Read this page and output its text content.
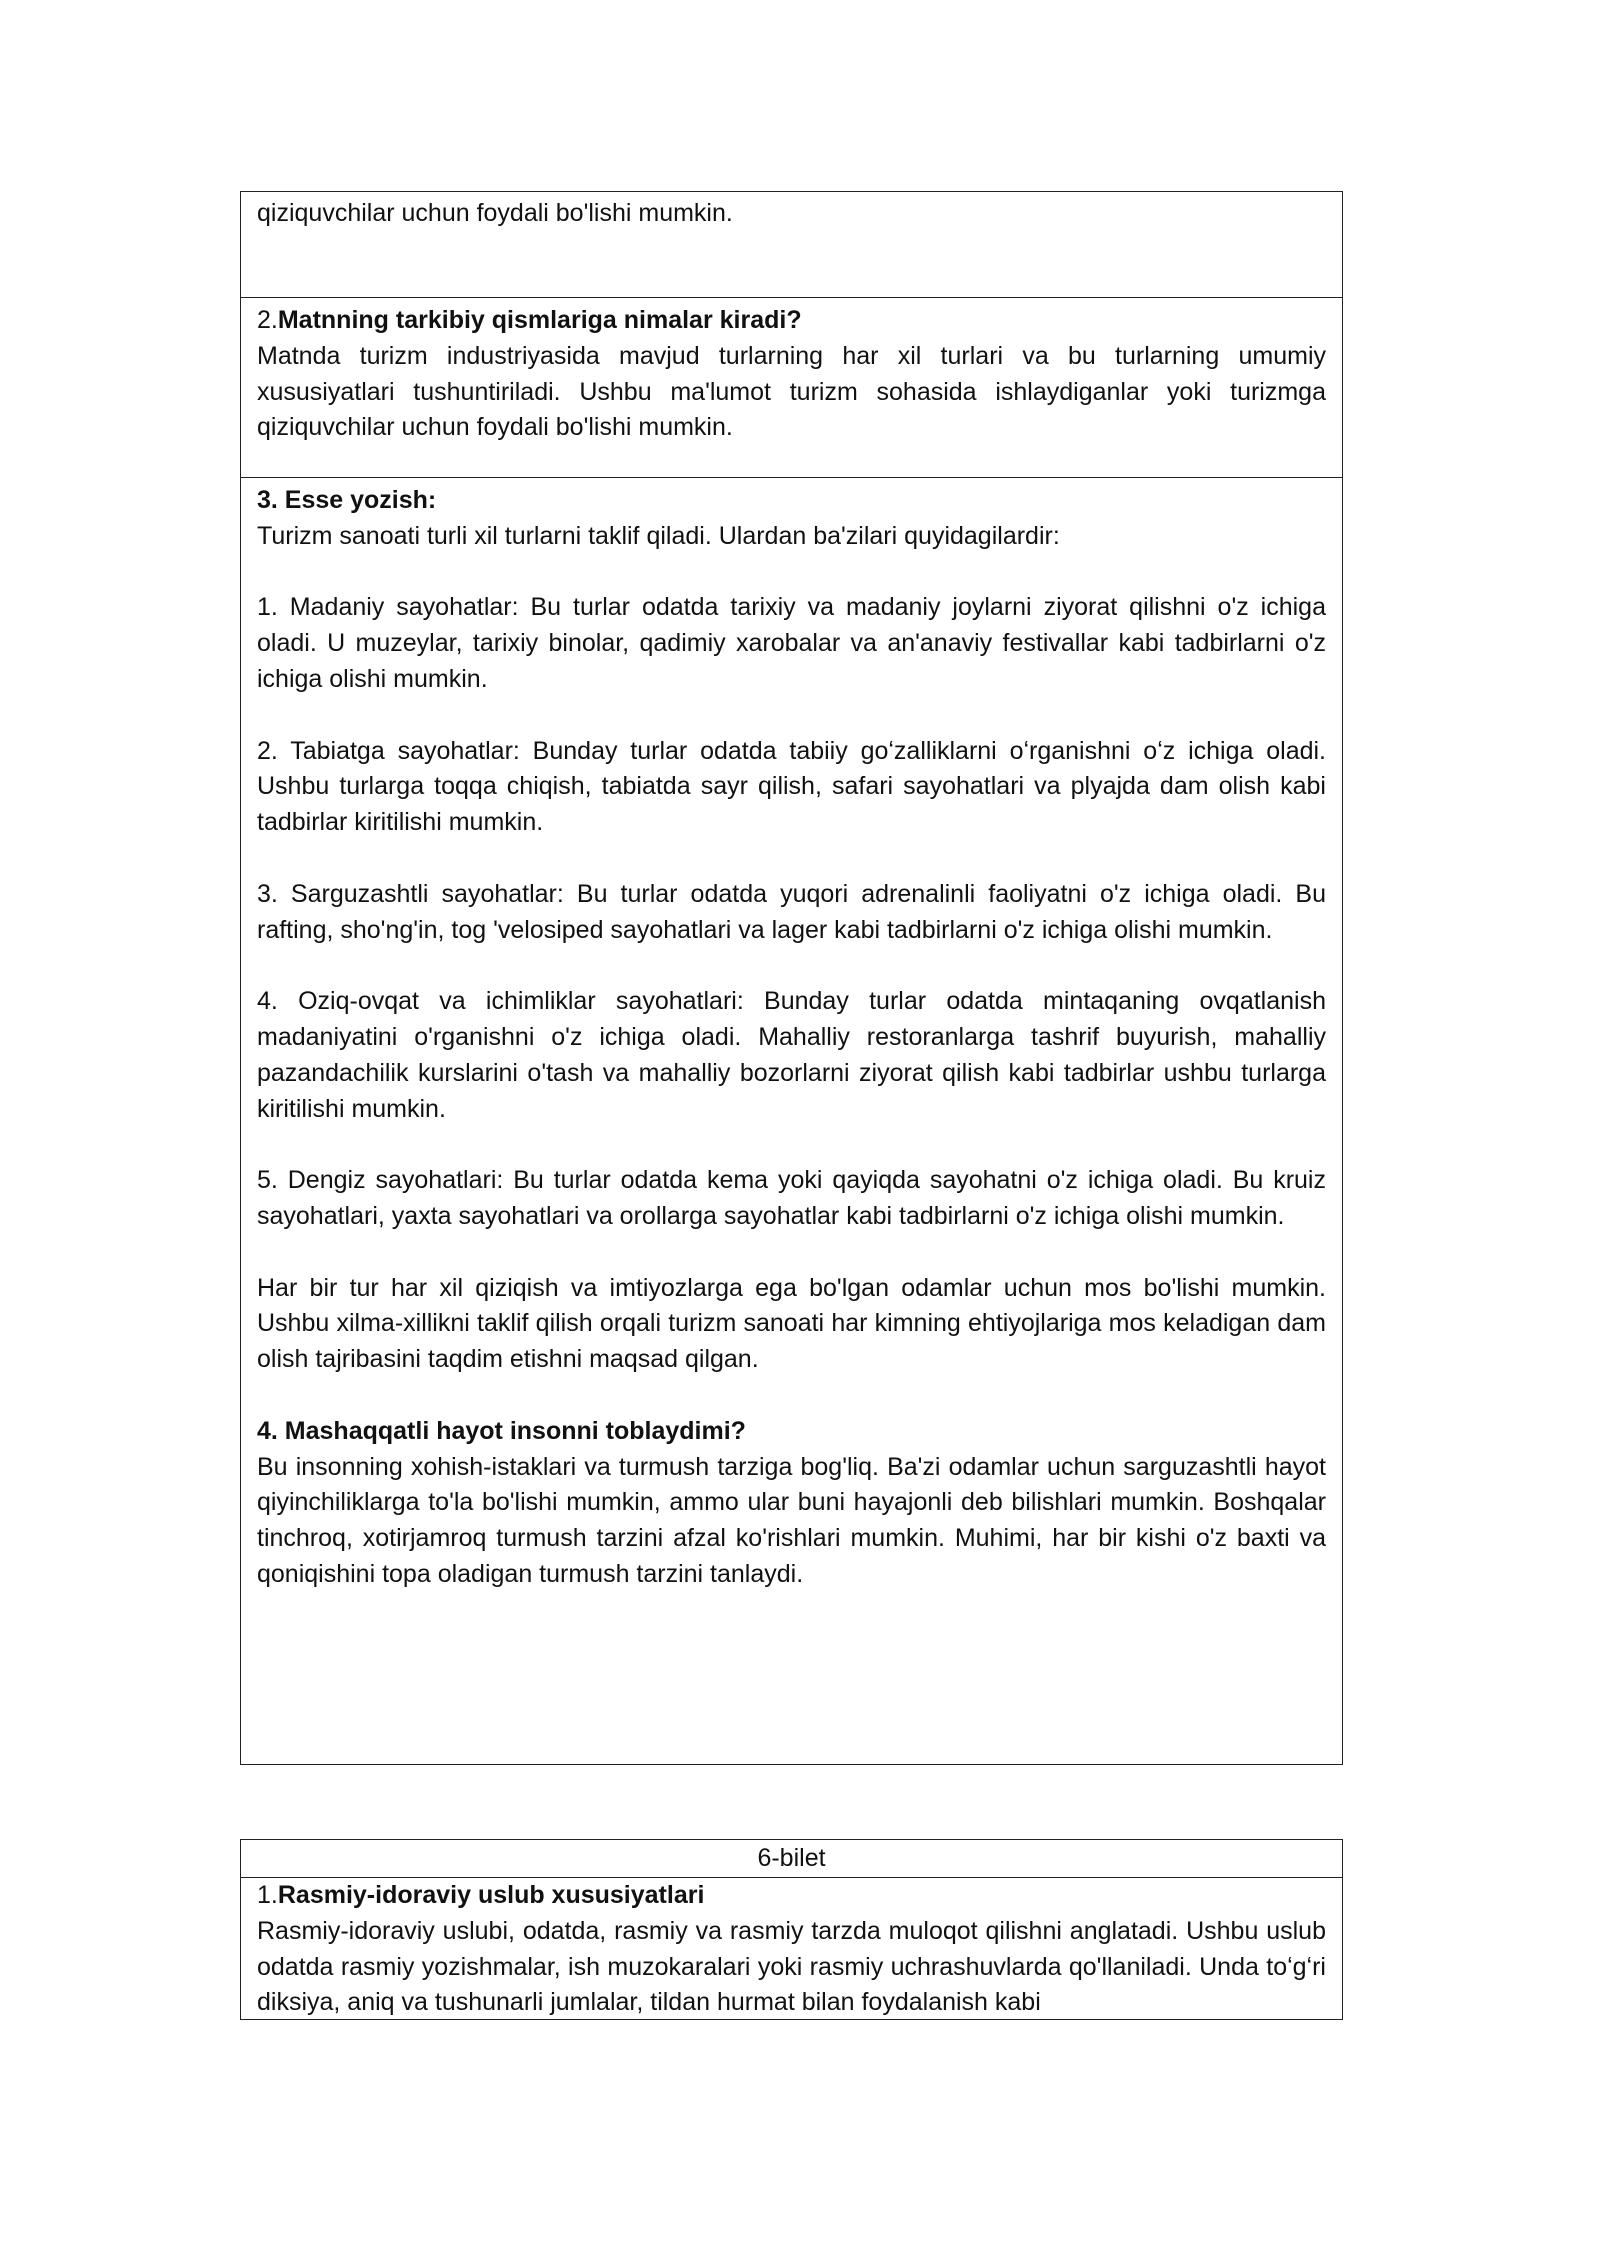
qiziquvchilar uchun foydali bo'lishi mumkin.

2.Matnning tarkibiy qismlariga nimalar kiradi?

Matnda turizm industriyasida mavjud turlarning har xil turlari va bu turlarning umumiy xususiyatlari tushuntiriladi. Ushbu ma'lumot turizm sohasida ishlaydiganlar yoki turizmga qiziquvchilar uchun foydali bo'lishi mumkin.

3. Esse yozish:

Turizm sanoati turli xil turlarni taklif qiladi. Ulardan ba'zilari quyidagilardir:

1. Madaniy sayohatlar: Bu turlar odatda tarixiy va madaniy joylarni ziyorat qilishni o'z ichiga oladi. U muzeylar, tarixiy binolar, qadimiy xarobalar va an'anaviy festivallar kabi tadbirlarni o'z ichiga olishi mumkin.

2. Tabiatga sayohatlar: Bunday turlar odatda tabiiy goʻzalliklarni oʻrganishni oʻz ichiga oladi. Ushbu turlarga toqqa chiqish, tabiatda sayr qilish, safari sayohatlari va plyajda dam olish kabi tadbirlar kiritilishi mumkin.

3. Sarguzashtli sayohatlar: Bu turlar odatda yuqori adrenalinli faoliyatni o'z ichiga oladi. Bu rafting, sho'ng'in, tog 'velosiped sayohatlari va lager kabi tadbirlarni o'z ichiga olishi mumkin.

4. Oziq-ovqat va ichimliklar sayohatlari: Bunday turlar odatda mintaqaning ovqatlanish madaniyatini o'rganishni o'z ichiga oladi. Mahalliy restoranlarga tashrif buyurish, mahalliy pazandachilik kurslarini o'tash va mahalliy bozorlarni ziyorat qilish kabi tadbirlar ushbu turlarga kiritilishi mumkin.

5. Dengiz sayohatlari: Bu turlar odatda kema yoki qayiqda sayohatni o'z ichiga oladi. Bu kruiz sayohatlari, yaxta sayohatlari va orollarga sayohatlar kabi tadbirlarni o'z ichiga olishi mumkin.

Har bir tur har xil qiziqish va imtiyozlarga ega bo'lgan odamlar uchun mos bo'lishi mumkin. Ushbu xilma-xillikni taklif qilish orqali turizm sanoati har kimning ehtiyojlariga mos keladigan dam olish tajribasini taqdim etishni maqsad qilgan.

4. Mashaqqatli hayot insonni toblaydimi?

Bu insonning xohish-istaklari va turmush tarziga bog'liq. Ba'zi odamlar uchun sarguzashtli hayot qiyinchiliklarga to'la bo'lishi mumkin, ammo ular buni hayajonli deb bilishlari mumkin. Boshqalar tinchroq, xotirjamroq turmush tarzini afzal ko'rishlari mumkin. Muhimi, har bir kishi o'z baxti va qoniqishini topa oladigan turmush tarzini tanlaydi.

6-bilet

1.Rasmiy-idoraviy uslub xususiyatlari

Rasmiy-idoraviy uslubi, odatda, rasmiy va rasmiy tarzda muloqot qilishni anglatadi. Ushbu uslub odatda rasmiy yozishmalar, ish muzokaralari yoki rasmiy uchrashuvlarda qo'llaniladi. Unda toʻgʻri diksiya, aniq va tushunarli jumlalar, tildan hurmat bilan foydalanish kabi
